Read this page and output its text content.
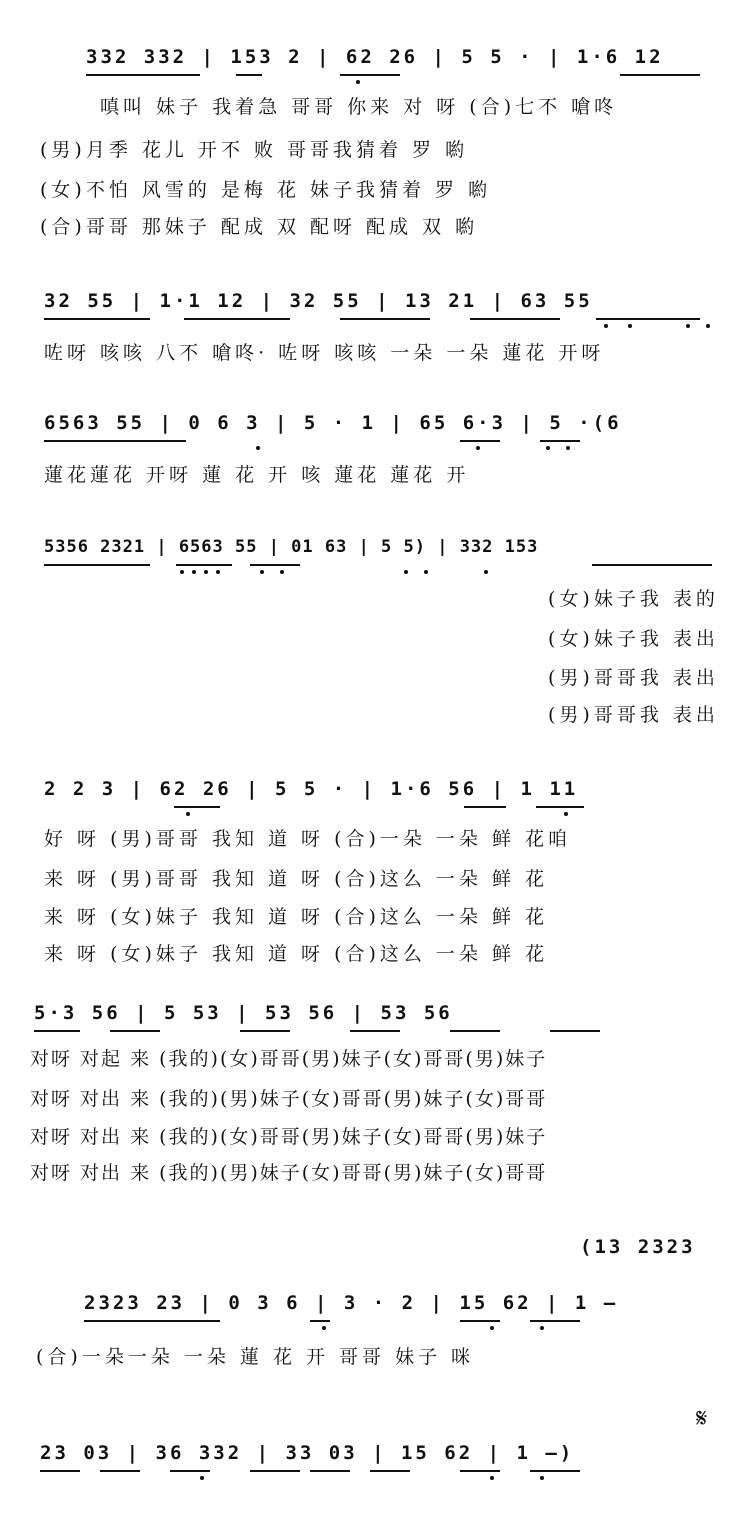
332 332 | 153 2 | 62 26 | 5 5 · | 1·6 12
嗔叫 妹子 我着急 哥哥 你来 对 呀 (合)七不 嗆咚
(男)月季 花儿 开不 败 哥哥我猜着 罗 喲
(女)不怕 风雪的 是梅 花 妹子我猜着 罗 喲
(合)哥哥 那妹子 配成 双 配呀 配成 双 喲
32 55 | 1·1 12 | 32 55 | 13 21 | 63 55
咗呀 咳咳 八不 嗆咚· 咗呀 咳咳 一朵 一朵 蓮花 开呀
6563 55 | 0 6 3 | 5 · 1 | 65 6·3 | 5 ·(6
蓮花蓮花 开呀 蓮 花 开 咳 蓮花 蓮花 开
5356 2321 | 6563 55 | 01 63 | 5 5) | 332 153
(女)妹子我 表的
(女)妹子我 表出
(男)哥哥我 表出
(男)哥哥我 表出
2 2 3 | 62 26 | 5 5 · | 1·6 56 | 1 11
好 呀 (男)哥哥 我知 道 呀 (合)一朵 一朵 鲜 花咱
来 呀 (男)哥哥 我知 道 呀 (合)这么 一朵 鲜 花
来 呀 (女)妹子 我知 道 呀 (合)这么 一朵 鲜 花
来 呀 (女)妹子 我知 道 呀 (合)这么 一朵 鲜 花
5·3 56 | 5 53 | 53 56 | 53 56
对呀 对起 来 (我的)(女)哥哥(男)妹子(女)哥哥(男)妹子
对呀 对出 来 (我的)(男)妹子(女)哥哥(男)妹子(女)哥哥
对呀 对出 来 (我的)(女)哥哥(男)妹子(女)哥哥(男)妹子
对呀 对出 来 (我的)(男)妹子(女)哥哥(男)妹子(女)哥哥
(13 2323
2323 23 | 0 3 6 | 3 · 2 | 15 62 | 1 —
(合)一朵一朵 一朵 蓮 花 开 哥哥 妹子 咪
23 03 | 36 332 | 33 03 | 15 62 | 1 —)
𝄋
